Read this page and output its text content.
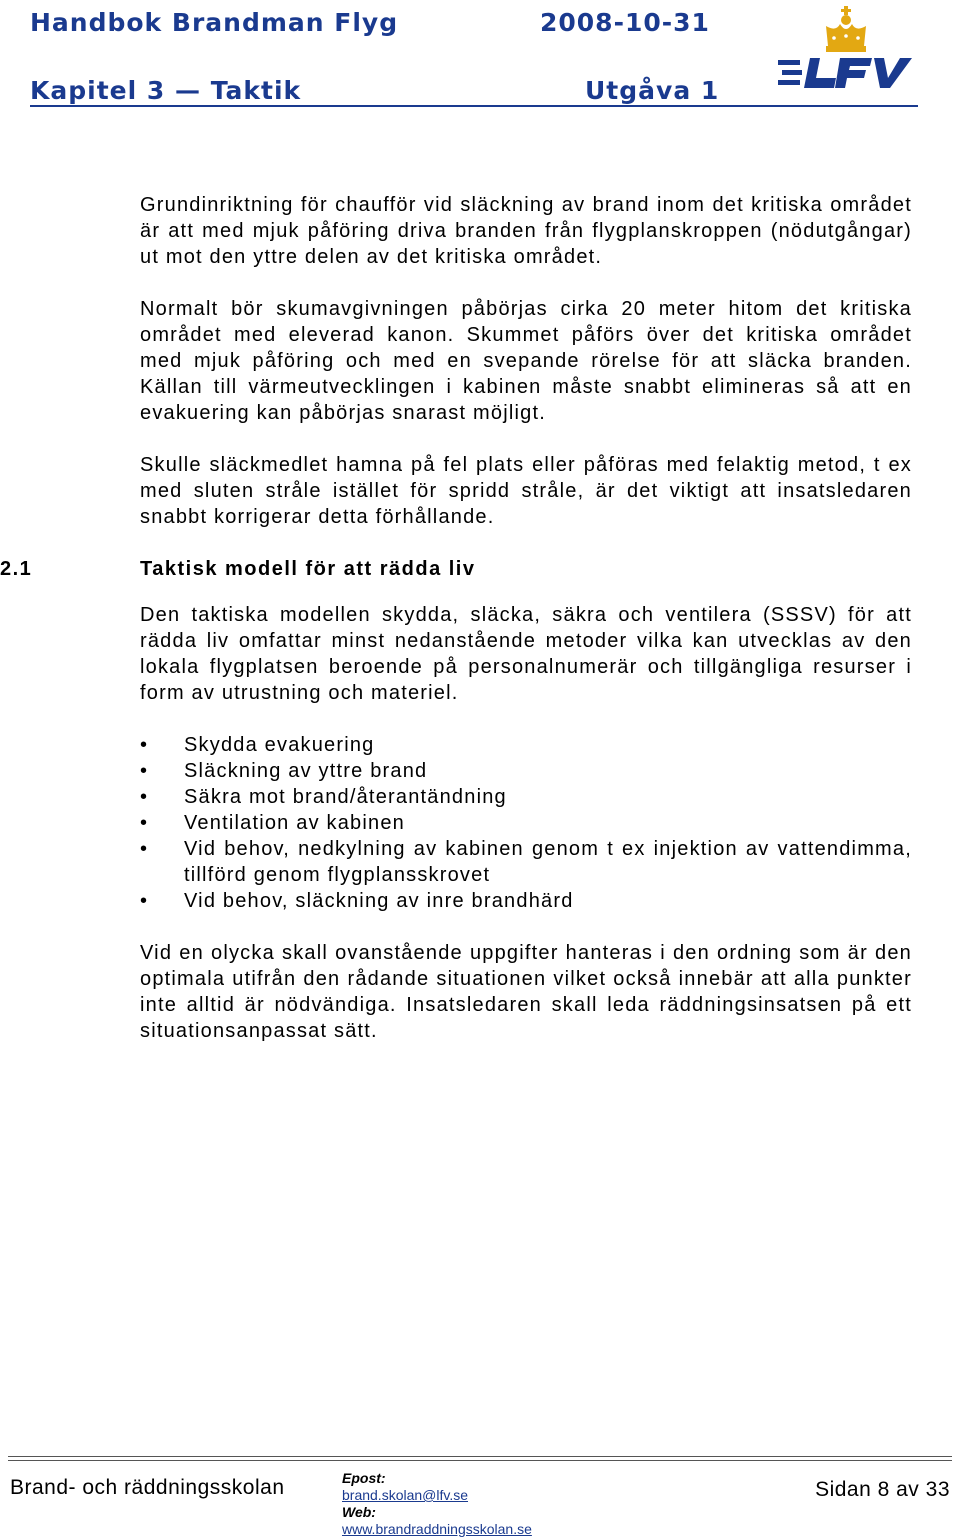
Handbok Brandman Flyg	2008-10-31
Kapitel 3 — Taktik	Utgåva 1

Grundinriktning för chaufför vid släckning av brand inom det kritiska området är att med mjuk påföring driva branden från flygplanskroppen (nödutgångar) ut mot den yttre delen av det kritiska området.

Normalt bör skumavgivningen påbörjas cirka 20 meter hitom det kritiska området med eleverad kanon. Skummet påförs över det kritiska området med mjuk påföring och med en svepande rörelse för att släcka branden. Källan till värmeutvecklingen i kabinen måste snabbt elimineras så att en evakuering kan påbörjas snarast möjligt.

Skulle släckmedlet hamna på fel plats eller påföras med felaktig metod, t ex med sluten stråle istället för spridd stråle, är det viktigt att insatsledaren snabbt korrigerar detta förhållande.

2.1	Taktisk modell för att rädda liv

Den taktiska modellen skydda, släcka, säkra och ventilera (SSSV) för att rädda liv omfattar minst nedanstående metoder vilka kan utvecklas av den lokala flygplatsen beroende på personalnumerär och tillgängliga resurser i form av utrustning och materiel.

• Skydda evakuering
• Släckning av yttre brand
• Säkra mot brand/återantändning
• Ventilation av kabinen
• Vid behov, nedkylning av kabinen genom t ex injektion av vattendimma, tillförd genom flygplansskrovet
• Vid behov, släckning av inre brandhärd

Vid en olycka skall ovanstående uppgifter hanteras i den ordning som är den optimala utifrån den rådande situationen vilket också innebär att alla punkter inte alltid är nödvändiga. Insatsledaren skall leda räddningsinsatsen på ett situationsanpassat sätt.

Brand- och räddningsskolan	Epost:
brand.skolan@lfv.se
Web:
www.brandraddningsskolan.se
Sidan 8 av 33
